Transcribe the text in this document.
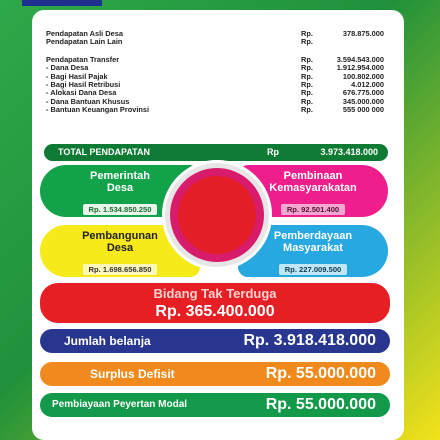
Pendapatan Asli Desa	Rp.	378.875.000
Pendapatan Lain Lain	Rp.
Pendapatan Transfer	Rp.	3.594.543.000
- Dana Desa	Rp.	1.912.954.000
- Bagi Hasil Pajak	Rp.	100.802.000
- Bagi Hasil Retribusi	Rp.	4.012.000
- Alokasi Dana Desa	Rp.	676.775.000
- Dana Bantuan Khusus	Rp.	345.000.000
- Bantuan Keuangan Provinsi	Rp.	555 000 000
TOTAL PENDAPATAN	Rp	3.973.418.000
Pemerintah
Desa
Rp. 1.534.850.250
Pembinaan
Kemasyarakatan
Rp. 92.501.400
Pembangunan
Desa
Rp. 1.698.656.850
Pemberdayaan
Masyarakat
Rp. 227.009.500
Bidang Tak Terduga
Rp. 365.400.000
Jumlah belanja	Rp. 3.918.418.000
Surplus Defisit	Rp. 55.000.000
Pembiayaan Peyertan Modal	Rp. 55.000.000
